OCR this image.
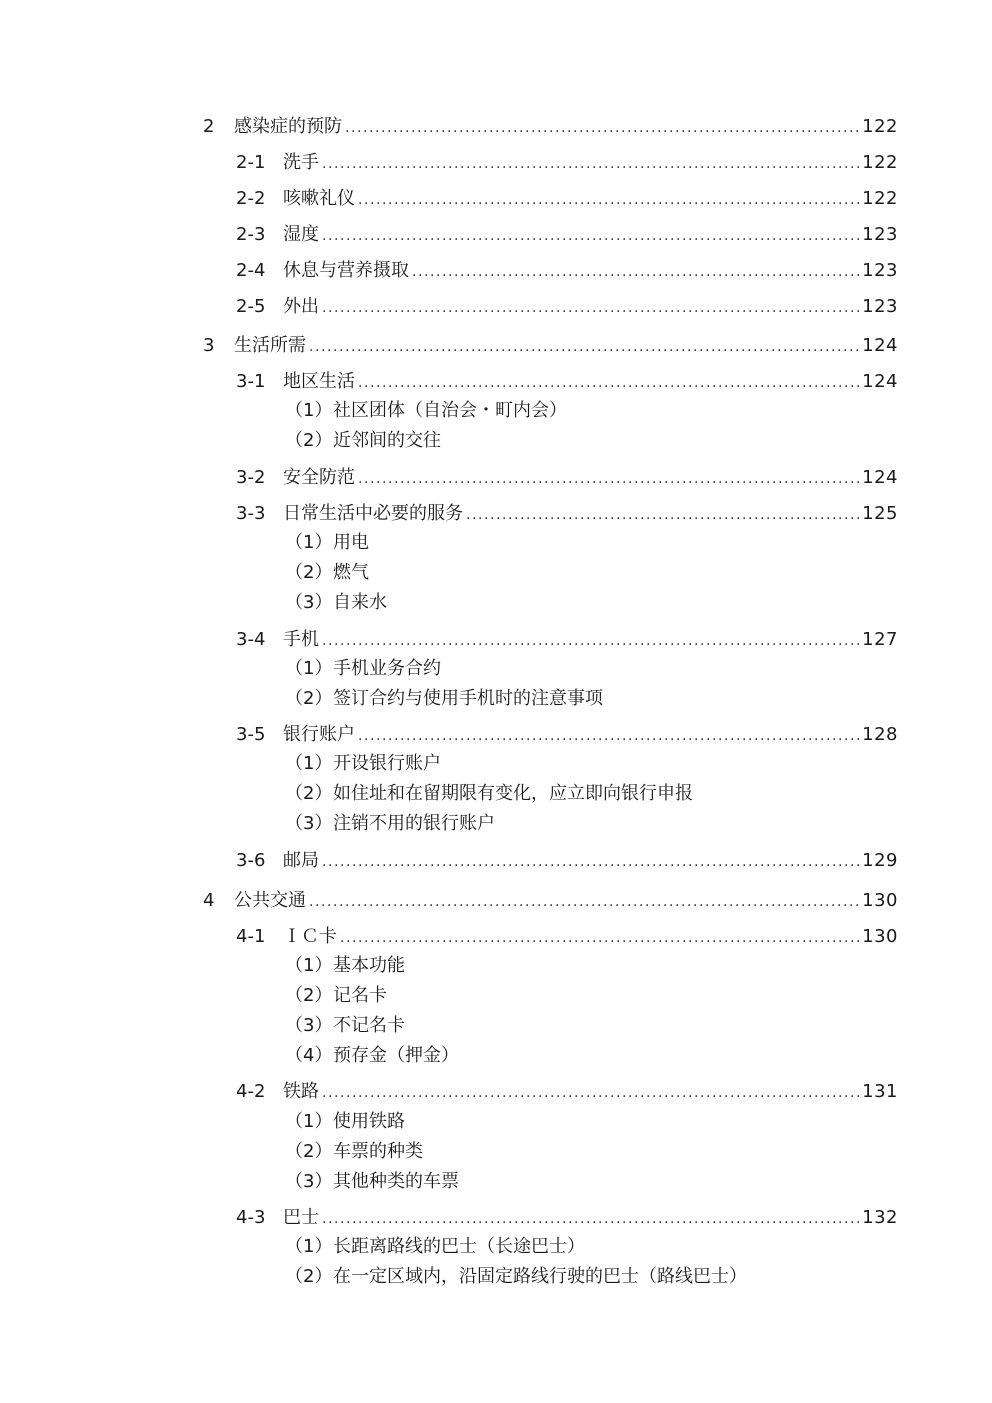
2	感染症的预防 .....	122
2-1 洗手 .....	122
2-2 咳嗽礼仪 .....	122
2-3 湿度 .....	123
2-4 休息与营养摄取 .....	123
2-5 外出 .....	123
3	生活所需 .....	124
3-1 地区生活 .....	124
（1） 社区团体（自治会・町内会）
（2） 近邻间的交往
3-2 安全防范 .....	124
3-3 日常生活中必要的服务 .....	125
（1） 用电
（2） 燃气
（3） 自来水
3-4 手机 .....	127
（1） 手机业务合约
（2） 签订合约与使用手机时的注意事项
3-5 银行账户 .....	128
（1） 开设银行账户
（2） 如住址和在留期限有变化，应立即向银行申报
（3） 注销不用的银行账户
3-6 邮局 .....	129
4	公共交通 .....	130
4-1 ＩＣ卡 .....	130
（1） 基本功能
（2） 记名卡
（3） 不记名卡
（4） 预存金（押金）
4-2 铁路 .....	131
（1） 使用铁路
（2） 车票的种类
（3） 其他种类的车票
4-3 巴士 .....	132
（1） 长距离路线的巴士（长途巴士）
（2） 在一定区域内，沿固定路线行驶的巴士（路线巴士）
